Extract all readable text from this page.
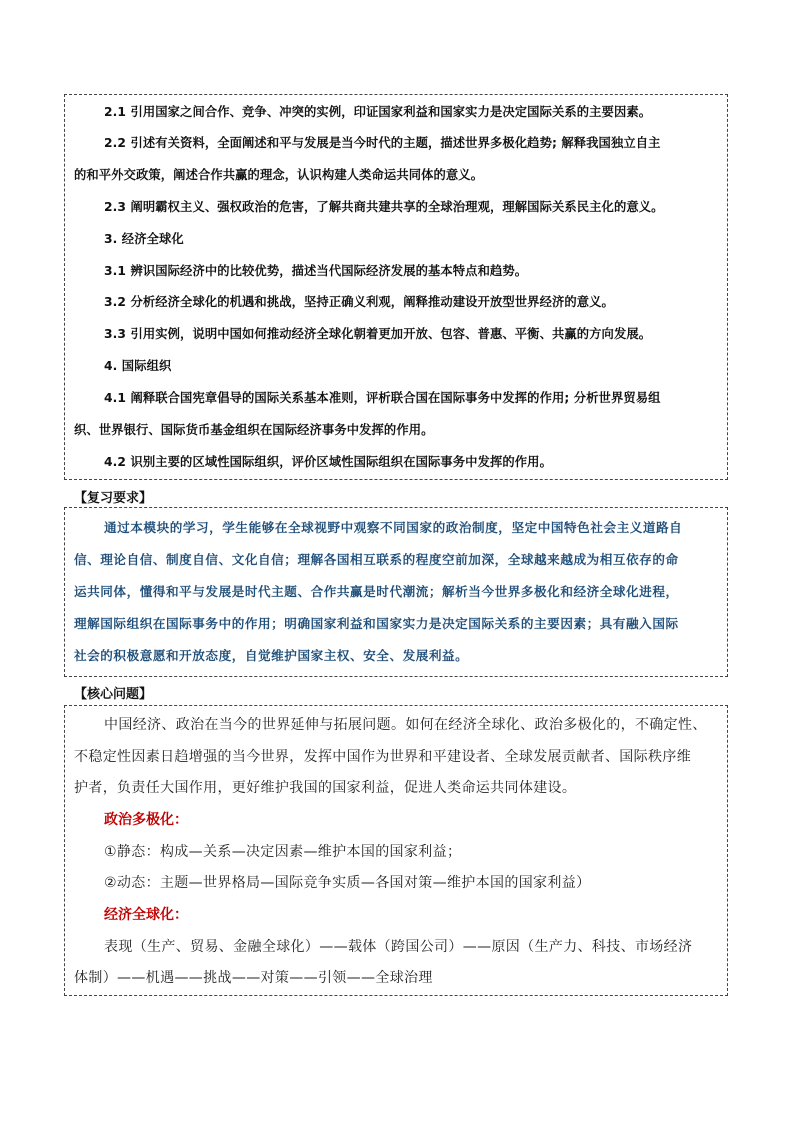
2.1 引用国家之间合作、竞争、冲突的实例，印证国家利益和国家实力是决定国际关系的主要因素。
2.2 引述有关资料，全面阐述和平与发展是当今时代的主题，描述世界多极化趋势; 解释我国独立自主
的和平外交政策，阐述合作共赢的理念，认识构建人类命运共同体的意义。
2.3 阐明霸权主义、强权政治的危害，了解共商共建共享的全球治理观，理解国际关系民主化的意义。
3. 经济全球化
3.1 辨识国际经济中的比较优势，描述当代国际经济发展的基本特点和趋势。
3.2 分析经济全球化的机遇和挑战，坚持正确义利观，阐释推动建设开放型世界经济的意义。
3.3 引用实例，说明中国如何推动经济全球化朝着更加开放、包容、普惠、平衡、共赢的方向发展。
4. 国际组织
4.1 阐释联合国宪章倡导的国际关系基本准则，评析联合国在国际事务中发挥的作用; 分析世界贸易组
织、世界银行、国际货币基金组织在国际经济事务中发挥的作用。
4.2 识别主要的区域性国际组织，评价区域性国际组织在国际事务中发挥的作用。
【复习要求】
通过本模块的学习，学生能够在全球视野中观察不同国家的政治制度，坚定中国特色社会主义道路自
信、理论自信、制度自信、文化自信；理解各国相互联系的程度空前加深，全球越来越成为相互依存的命
运共同体，懂得和平与发展是时代主题、合作共赢是时代潮流；解析当今世界多极化和经济全球化进程，
理解国际组织在国际事务中的作用；明确国家利益和国家实力是决定国际关系的主要因素；具有融入国际
社会的积极意愿和开放态度，自觉维护国家主权、安全、发展利益。
【核心问题】
中国经济、政治在当今的世界延伸与拓展问题。如何在经济全球化、政治多极化的，不确定性、
不稳定性因素日趋增强的当今世界，发挥中国作为世界和平建设者、全球发展贡献者、国际秩序维
护者，负责任大国作用，更好维护我国的国家利益，促进人类命运共同体建设。
政治多极化：
①静态：构成—关系—决定因素—维护本国的国家利益；
②动态：主题—世界格局—国际竞争实质—各国对策—维护本国的国家利益）
经济全球化：
表现（生产、贸易、金融全球化）——载体（跨国公司）——原因（生产力、科技、市场经济
体制）——机遇——挑战——对策——引领——全球治理
